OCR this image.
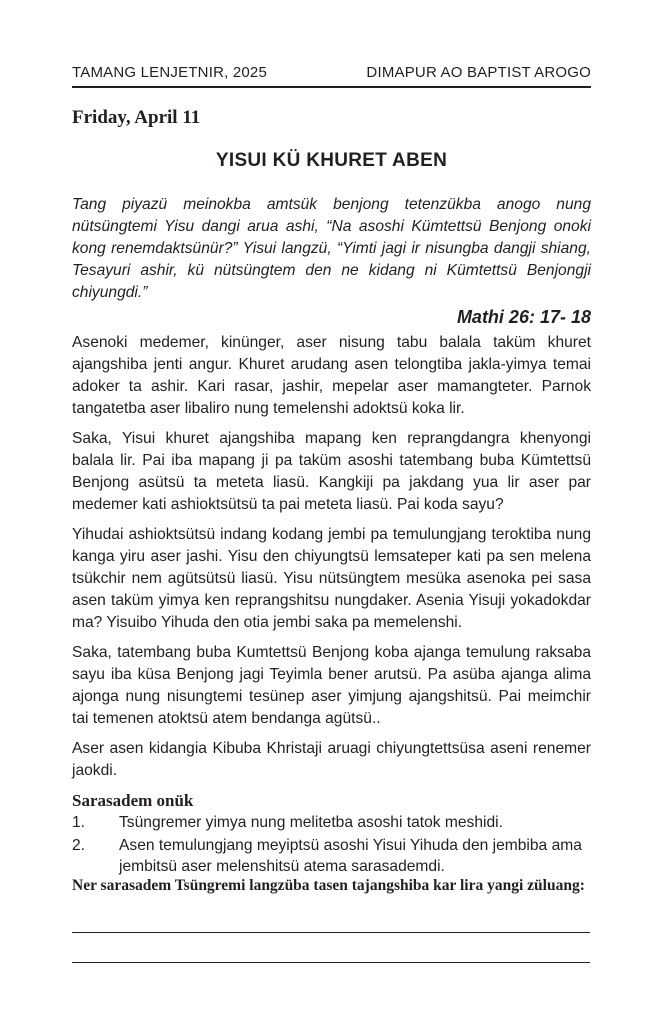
TAMANG LENJETNIR, 2025	DIMAPUR AO BAPTIST AROGO
Friday, April 11
YISUI KÜ KHURET ABEN

Tang piyazü meinokba amtsük benjong tetenzükba anogo nung nütsüngtemi Yisu dangi arua ashi, “Na asoshi Kümtettsü Benjong onoki kong renemdaktsünür?” Yisui langzü, “Yimti jagi ir nisungba dangji shiang, Tesayuri ashir, kü nütsüngtem den ne kidang ni Kümtettsü Benjongji chiyungdi.”

Mathi 26: 17- 18

Asenoki medemer, kinünger, aser nisung tabu balala taküm khuret ajangshiba jenti angur. Khuret arudang asen telongtiba jakla-yimya temai adoker ta ashir. Kari rasar, jashir, mepelar aser mamangteter. Parnok tangatetba aser libaliro nung temelenshi adoktsü koka lir.

Saka, Yisui khuret ajangshiba mapang ken reprangdangra khenyongi balala lir. Pai iba mapang ji pa taküm asoshi tatembang buba Kümtettsü Benjong asütsü ta meteta liasü. Kangkiji pa jakdang yua lir aser par medemer kati ashioktsütsü ta pai meteta liasü. Pai koda sayu?

Yihudai ashioktsütsü indang kodang jembi pa temulungjang teroktiba nung kanga yiru aser jashi. Yisu den chiyungtsü lemsateper kati pa sen melena tsükchir nem agütsütsü liasü. Yisu nütsüngtem mesüka asenoka pei sasa asen taküm yimya ken reprangshitsu nungdaker. Asenia Yisuji yokadokdar ma? Yisuibo Yihuda den otia jembi saka pa memelenshi.

Saka, tatembang buba Kumtettsü Benjong koba ajanga temulung raksaba sayu iba küsa Benjong jagi Teyimla bener arutsü. Pa asüba ajanga alima ajonga nung nisungtemi tesünep aser yimjung ajangshitsü. Pai meimchir tai temenen atoktsü atem bendanga agütsü..

Aser asen kidangia Kibuba Khristaji aruagi chiyungtettsüsa aseni renemer jaokdi.

Sarasadem onük
1. Tsüngremer yimya nung melitetba asoshi tatok meshidi.
2. Asen temulungjang meyiptsü asoshi Yisui Yihuda den jembiba ama jembitsü aser melenshitsü atema sarasademdi.
Ner sarasadem Tsüngremi langzüba tasen tajangshiba kar lira yangi züluang:
